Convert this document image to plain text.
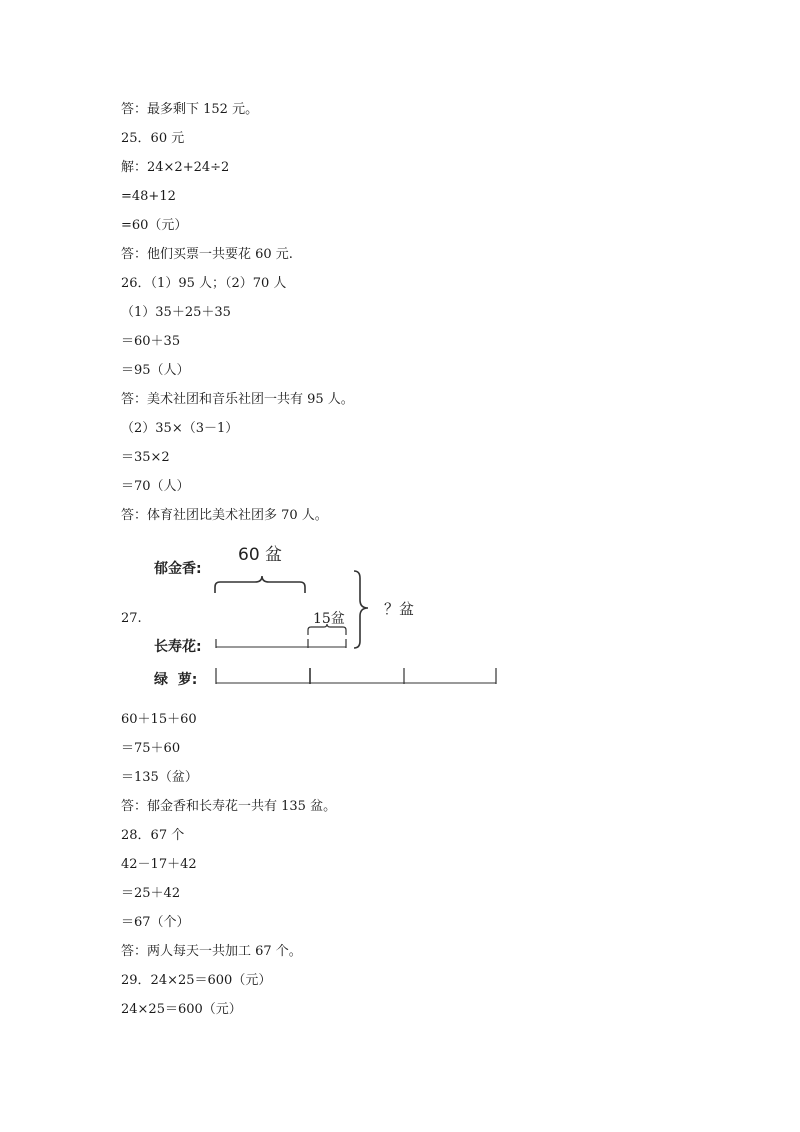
答：最多剩下 152 元。
25．60 元
解：24×2+24÷2
=48+12
=60（元）
答：他们买票一共要花 60 元.
26．（1）95 人；（2）70 人
（1）35＋25＋35
＝60＋35
＝95（人）
答：美术社团和音乐社团一共有 95 人。
（2）35×（3－1）
＝35×2
＝70（人）
答：体育社团比美术社团多 70 人。
27.
60 盆
郁金香:
15盆
？盆
长寿花:
绿  萝:
60＋15＋60
＝75＋60
＝135（盆）
答：郁金香和长寿花一共有 135 盆。
28．67 个
42－17＋42
＝25＋42
＝67（个）
答：两人每天一共加工 67 个。
29．24×25＝600（元）
24×25＝600（元）
